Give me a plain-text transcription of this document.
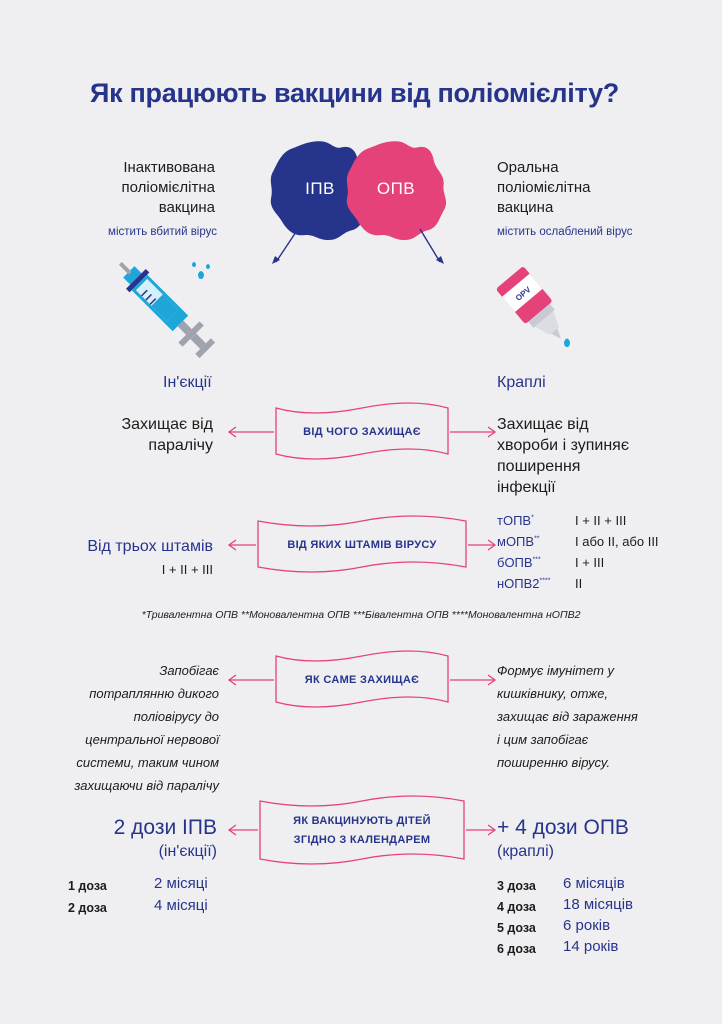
Як працюють вакцини від поліомієліту?
Інактивована
поліомієлітна
вакцина
містить вбитий вірус
Оральна
поліомієлітна
вакцина
містить ослаблений вірус
ІПВ	ОПВ
OPV
Ін'єкції	Краплі
Захищає від
паралічу
Захищає від
хвороби і зупиняє
поширення
інфекції
ВІД ЧОГО ЗАХИЩАЄ
ВІД ЯКИХ ШТАМІВ ВІРУСУ
Від трьох штамів
I + II + III
тОПВ*	I + II + III
мОПВ**	I або II, або III
бОПВ***	I + III
нОПВ2**** II
*Тривалентна ОПВ **Моновалентна ОПВ ***Бівалентна ОПВ ****Моновалентна нОПВ2
ЯК САМЕ ЗАХИЩАЄ
Запобігає
потраплянню дикого
поліовірусу до
центральної нервової
системи, таким чином
захищаючи від паралічу
Формує імунітет у
кишківнику, отже,
захищає від зараження
і цим запобігає
поширенню вірусу.
ЯК ВАКЦИНУЮТЬ ДІТЕЙ
ЗГІДНО З КАЛЕНДАРЕМ
2 дози ІПВ
(ін'єкції)
+ 4 дози ОПВ
(краплі)
1 доза	2 місяці
2 доза	4 місяці
3 доза 6 місяців
4 доза 18 місяців
5 доза 6 років
6 доза 14 років
